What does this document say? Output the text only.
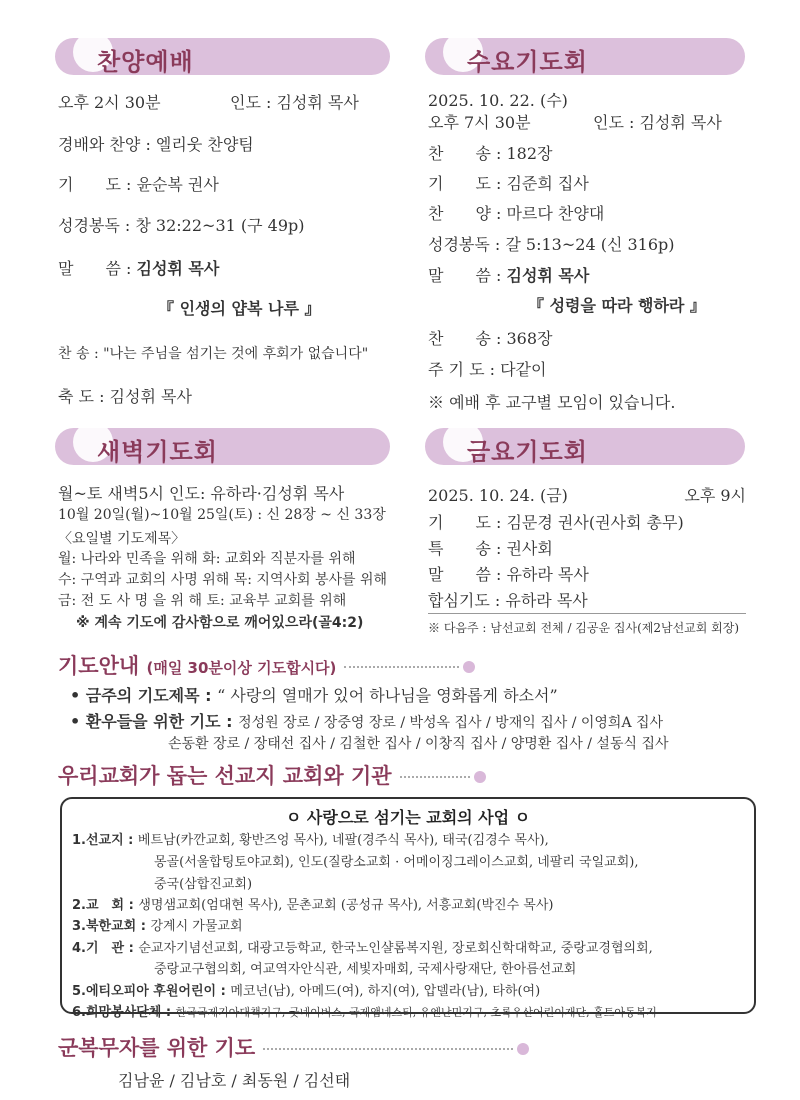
찬양예배
오후 2시 30분	인도 : 김성휘 목사
경배와 찬양 : 엘리웃 찬양팀
기　　도 : 윤순복 권사
성경봉독 : 창 32:22~31 (구 49p)
말　　씀 : 김성휘 목사
『 인생의 얍복 나루 』
찬 송 : "나는 주님을 섬기는 것에 후회가 없습니다"
축 도 : 김성휘 목사
수요기도회
2025. 10. 22. (수)
오후 7시 30분	인도 : 김성휘 목사
찬　　송 : 182장
기　　도 : 김준희 집사
찬　　양 : 마르다 찬양대
성경봉독 : 갈 5:13~24 (신 316p)
말　　씀 : 김성휘 목사
『 성령을 따라 행하라 』
찬　　송 : 368장
주 기 도 : 다같이
※ 예배 후 교구별 모임이 있습니다.
새벽기도회
월~토 새벽5시 인도: 유하라·김성휘 목사
10월 20일(월)~10월 25일(토) : 신 28장 ~ 신 33장
〈요일별 기도제목〉
월: 나라와 민족을 위해 화: 교회와 직분자를 위해
수: 구역과 교회의 사명 위해 목: 지역사회 봉사를 위해
금: 전 도 사 명 을 위 해 토: 교육부 교회를 위해
※ 계속 기도에 감사함으로 깨어있으라(골4:2)
금요기도회
2025. 10. 24. (금)	오후 9시
기　　도 : 김문경 권사(권사회 총무)
특　　송 : 권사회
말　　씀 : 유하라 목사
합심기도 : 유하라 목사
※ 다음주 : 남선교회 전체 / 김공운 집사(제2남선교회 회장)
기도안내 (매일 30분이상 기도합시다)
• 금주의 기도제목 : “ 사랑의 열매가 있어 하나님을 영화롭게 하소서”
• 환우들을 위한 기도 : 정성원 장로 / 장중영 장로 / 박성옥 집사 / 방재익 집사 / 이영희A 집사
손동환 장로 / 장태선 집사 / 김철한 집사 / 이창직 집사 / 양명환 집사 / 설동식 집사
우리교회가 돕는 선교지 교회와 기관
ㅇ 사랑으로 섬기는 교회의 사업 ㅇ
1.선교지 : 베트남(카깐교회, 황반즈엉 목사), 네팔(경주식 목사), 태국(김경수 목사),
몽골(서울합팅토야교회), 인도(질랑소교회 · 어메이징그레이스교회, 네팔리 국일교회),
중국(삼합진교회)
2.교　회 : 생명샘교회(엄대현 목사), 문촌교회 (공성규 목사), 서흥교회(박진수 목사)
3.북한교회 : 강계시 가물교회
4.기　관 : 순교자기념선교회, 대광고등학교, 한국노인샬롬복지원, 장로회신학대학교, 중랑교경협의회,
중랑교구협의회, 여교역자안식관, 세빛자매회, 국제사랑재단, 한아름선교회
5.에티오피아 후원어린이 : 메코넌(남), 아메드(여), 하지(여), 압델라(남), 타하(여)
6.희망봉사단체 : 한국국제기아대책기구, 굿네이버스, 국제앰네스티, 유엔난민기구, 초록우산어린이재단, 홀트아동복지
군복무자를 위한 기도
김남윤 / 김남호 / 최동원 / 김선태
